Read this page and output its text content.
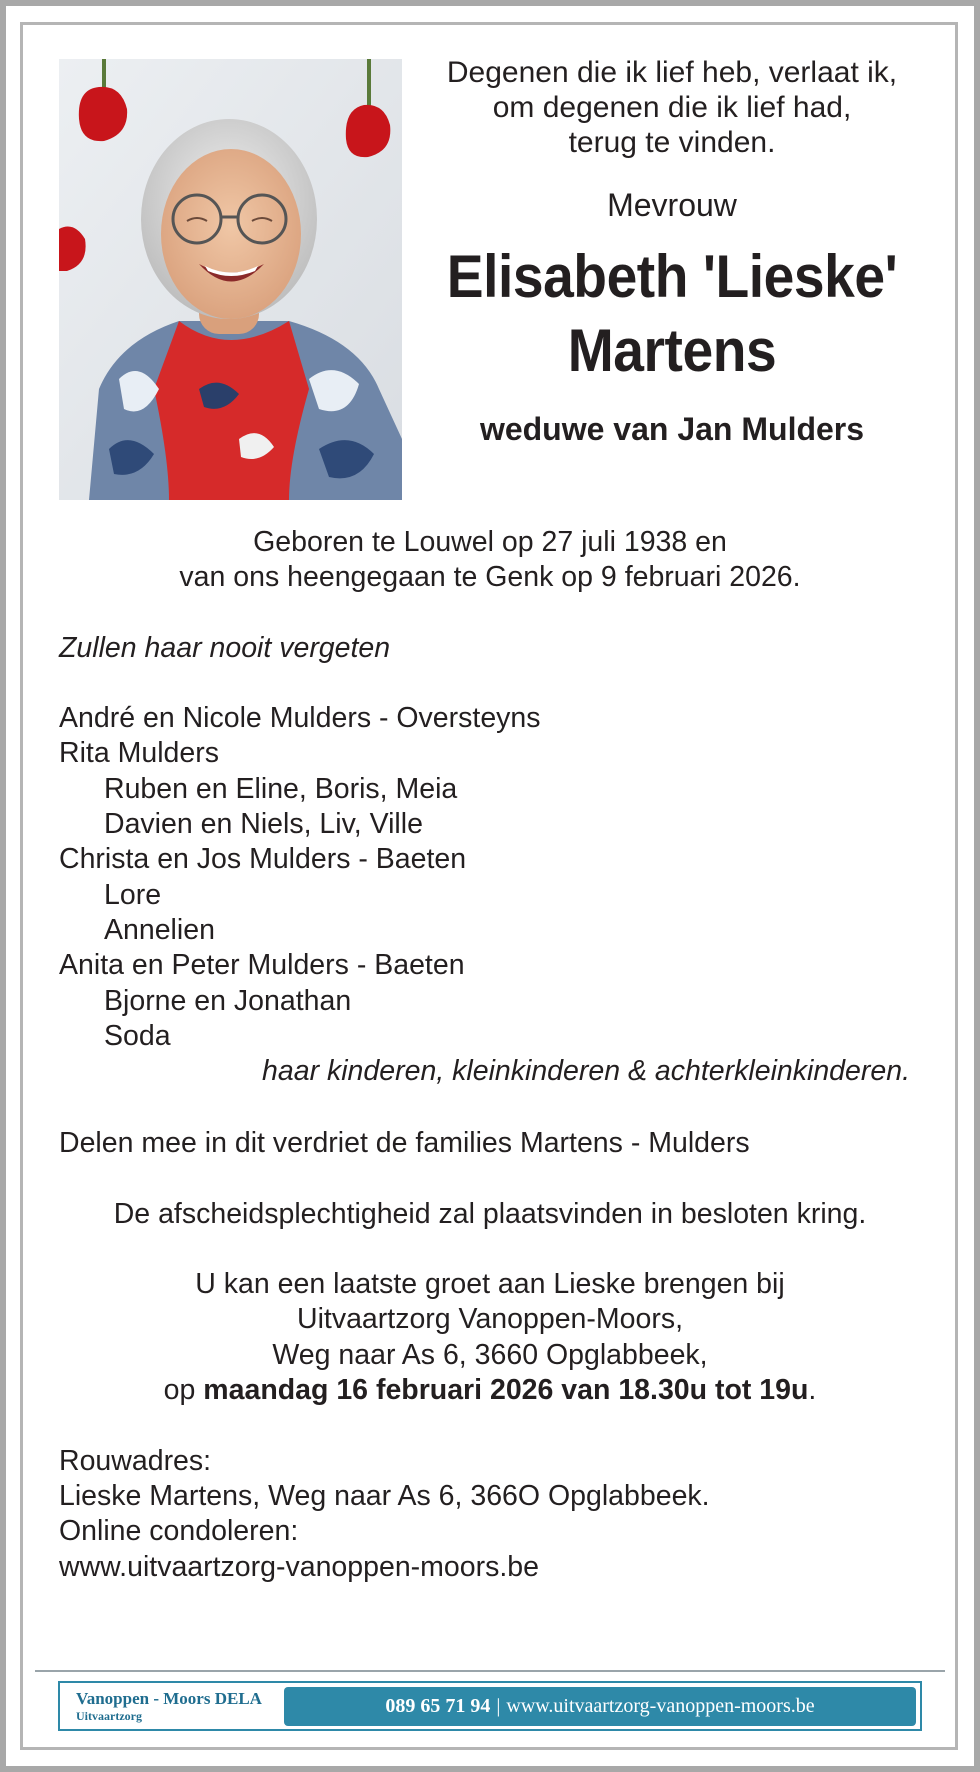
Degenen die ik lief heb, verlaat ik,
om degenen die ik lief had,
terug te vinden.
Mevrouw
Elisabeth 'Lieske'
Martens
weduwe van Jan Mulders
Geboren te Louwel op 27 juli 1938 en
van ons heengegaan te Genk op 9 februari 2026.
Zullen haar nooit vergeten
André en Nicole Mulders - Oversteyns
Rita Mulders
Ruben en Eline, Boris, Meia
Davien en Niels, Liv, Ville
Christa en Jos Mulders - Baeten
Lore
Annelien
Anita en Peter Mulders - Baeten
Bjorne en Jonathan
Soda
haar kinderen, kleinkinderen & achterkleinkinderen.
Delen mee in dit verdriet de families Martens - Mulders
De afscheidsplechtigheid zal plaatsvinden in besloten kring.
U kan een laatste groet aan Lieske brengen bij
Uitvaartzorg Vanoppen-Moors,
Weg naar As 6, 3660 Opglabbeek,
op maandag 16 februari 2026 van 18.30u tot 19u.
Rouwadres:
Lieske Martens, Weg naar As 6, 366O Opglabbeek.
Online condoleren:
www.uitvaartzorg-vanoppen-moors.be
Vanoppen - Moors DELA
Uitvaartzorg	089 65 71 94 | www.uitvaartzorg-vanoppen-moors.be
